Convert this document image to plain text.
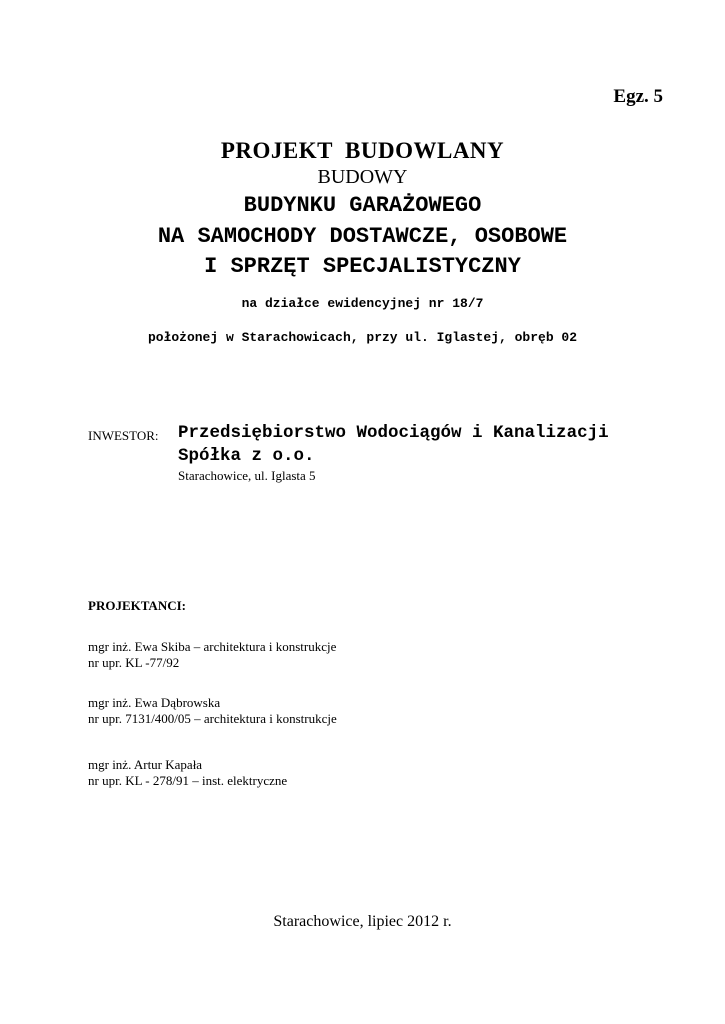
Egz. 5
PROJEKT  BUDOWLANY
BUDOWY
BUDYNKU GARAŻOWEGO
NA SAMOCHODY DOSTAWCZE, OSOBOWE
I SPRZĘT SPECJALISTYCZNY
na działce ewidencyjnej nr 18/7
położonej w Starachowicach, przy ul. Iglastej, obręb 02
INWESTOR: Przedsiębiorstwo Wodociągów i Kanalizacji
Spółka z o.o.
Starachowice, ul. Iglasta 5
PROJEKTANCI:
mgr inż. Ewa Skiba – architektura i konstrukcje
nr upr. KL -77/92
mgr inż. Ewa Dąbrowska
nr upr. 7131/400/05 – architektura i konstrukcje
mgr inż. Artur Kapała
nr upr. KL - 278/91 – inst. elektryczne
Starachowice, lipiec 2012 r.
